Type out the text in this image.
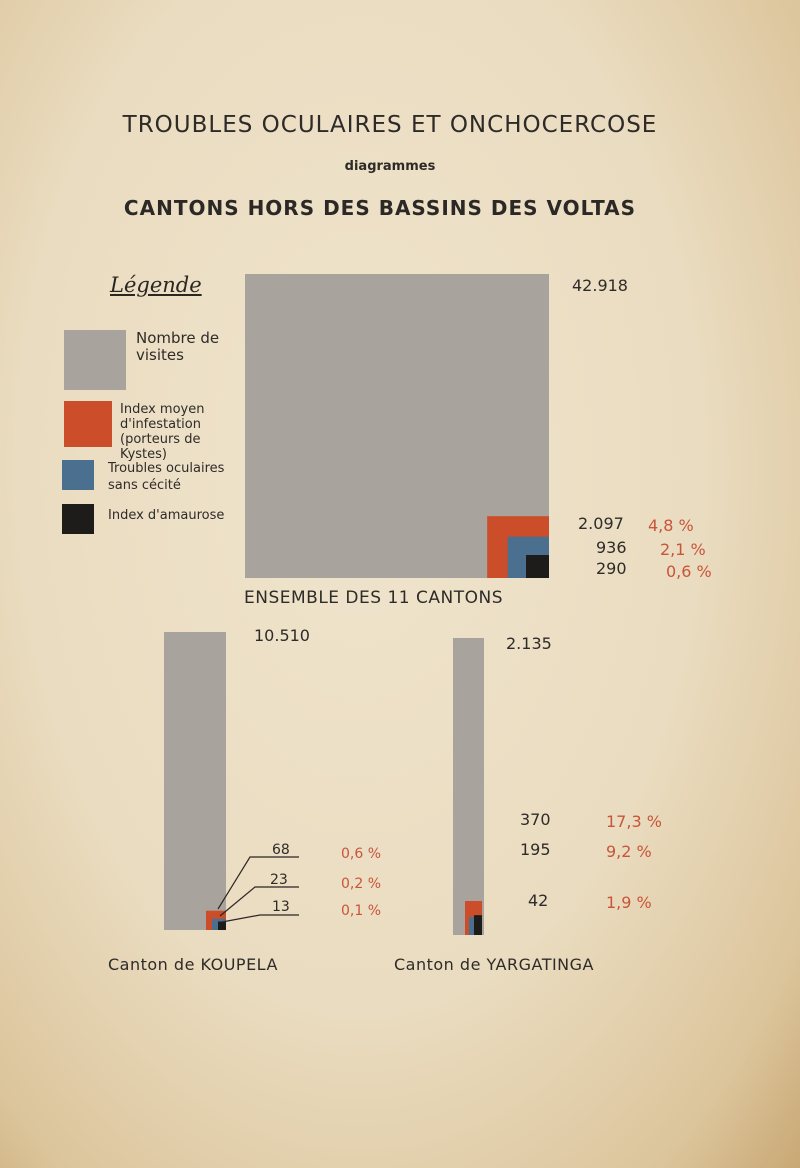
TROUBLES OCULAIRES ET ONCHOCERCOSE
diagrammes
CANTONS HORS DES BASSINS DES VOLTAS
Légende
Nombre de visites
Index moyen d'infestation (porteurs de Kystes)
Troubles oculaires sans cécité
Index d'amaurose
42.918
2.097
936
290
4,8 %
2,1 %
0,6 %
ENSEMBLE DES 11 CANTONS
10.510
68
23
13
0,6 %
0,2 %
0,1 %
Canton de KOUPELA
2.135
370
195
42
17,3 %
9,2 %
1,9 %
Canton de YARGATINGA
